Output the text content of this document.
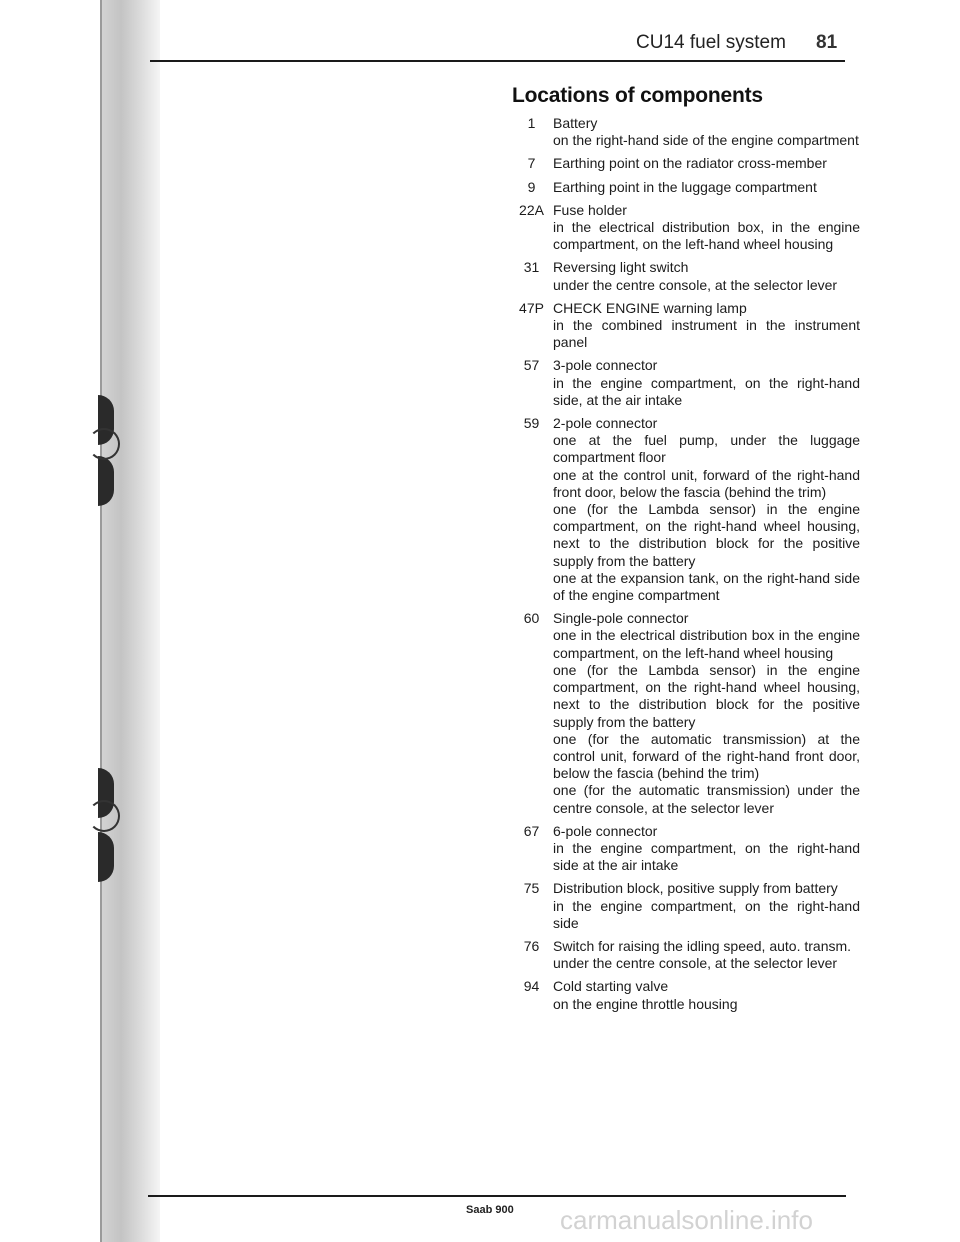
CU14 fuel system 81
Locations of components
1	Battery
on the right-hand side of the engine compartment
7	Earthing point on the radiator cross-member
9	Earthing point in the luggage compartment
22A Fuse holder
in the electrical distribution box, in the engine compartment, on the left-hand wheel housing
31 Reversing light switch
under the centre console, at the selector lever
47P CHECK ENGINE warning lamp
in the combined instrument in the instrument panel
57 3-pole connector
in the engine compartment, on the right-hand side, at the air intake
59 2-pole connector
one at the fuel pump, under the luggage compartment floor
one at the control unit, forward of the right-hand front door, below the fascia (behind the trim)
one (for the Lambda sensor) in the engine compartment, on the right-hand wheel housing, next to the distribution block for the positive supply from the battery
one at the expansion tank, on the right-hand side of the engine compartment
60 Single-pole connector
one in the electrical distribution box in the engine compartment, on the left-hand wheel housing
one (for the Lambda sensor) in the engine compartment, on the right-hand wheel housing, next to the distribution block for the positive supply from the battery
one (for the automatic transmission) at the control unit, forward of the right-hand front door, below the fascia (behind the trim)
one (for the automatic transmission) under the centre console, at the selector lever
67 6-pole connector
in the engine compartment, on the right-hand side at the air intake
75 Distribution block, positive supply from battery
in the engine compartment, on the right-hand side
76 Switch for raising the idling speed, auto. transm.
under the centre console, at the selector lever
94 Cold starting valve
on the engine throttle housing
Saab 900 carmanualsonline.info
